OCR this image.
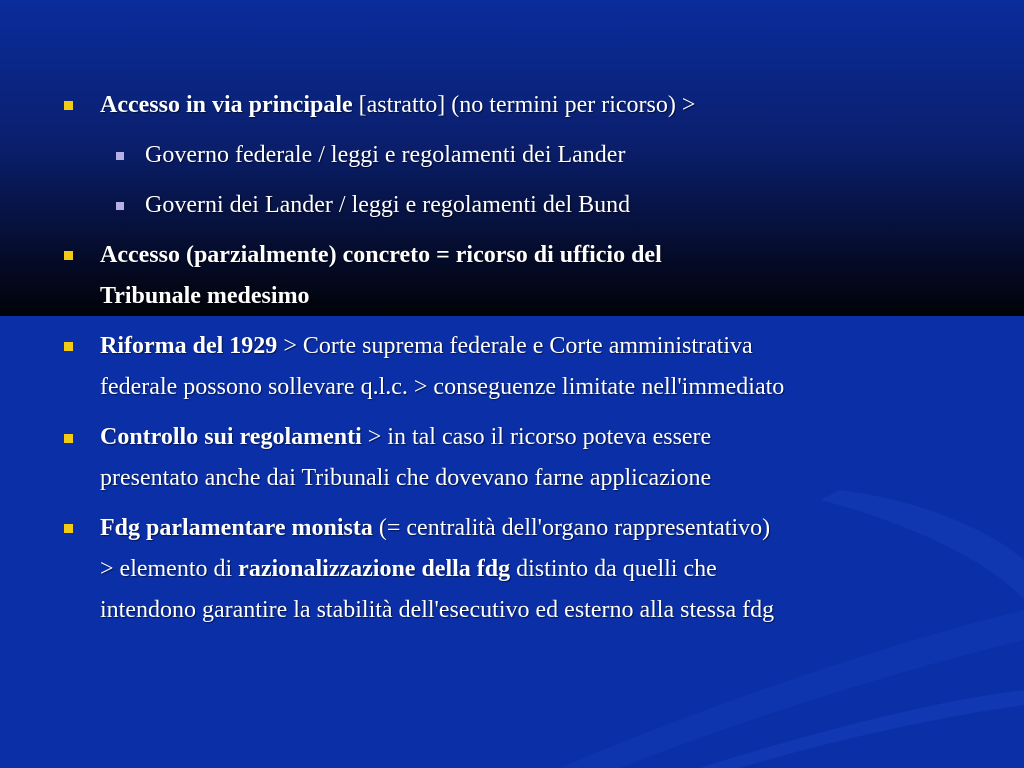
Accesso in via principale [astratto] (no termini per ricorso) >
Governo federale / leggi e regolamenti dei Lander
Governi dei Lander / leggi e regolamenti del Bund
Accesso (parzialmente) concreto = ricorso di ufficio del
Tribunale medesimo
Riforma del 1929 > Corte suprema federale e Corte amministrativa
federale possono sollevare q.l.c. > conseguenze limitate nell'immediato
Controllo sui regolamenti > in tal caso il ricorso poteva essere
presentato anche dai Tribunali che dovevano farne applicazione
Fdg parlamentare monista (= centralità dell'organo rappresentativo)
> elemento di razionalizzazione della fdg distinto da quelli che
intendono garantire la stabilità dell'esecutivo ed esterno alla stessa fdg
